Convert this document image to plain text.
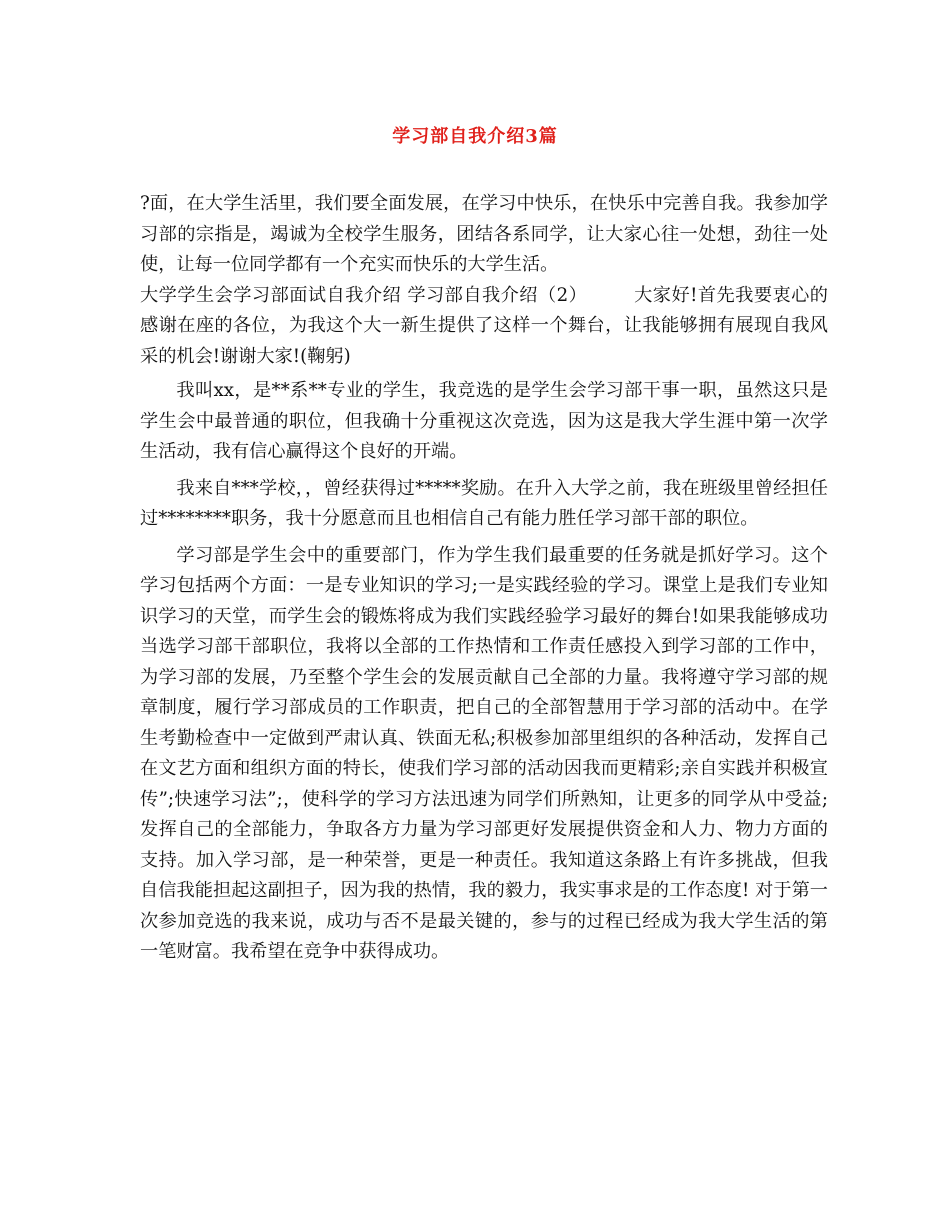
学习部自我介绍3篇

?面，在大学生活里，我们要全面发展，在学习中快乐，在快乐中完善自我。我参加学习部的宗指是，竭诚为全校学生服务，团结各系同学，让大家心往一处想，劲往一处使，让每一位同学都有一个充实而快乐的大学生活。

大学学生会学习部面试自我介绍 学习部自我介绍（2）　　　大家好!首先我要衷心的感谢在座的各位，为我这个大一新生提供了这样一个舞台，让我能够拥有展现自我风采的机会!谢谢大家!(鞠躬)

我叫xx，是**系**专业的学生，我竞选的是学生会学习部干事一职，虽然这只是学生会中最普通的职位，但我确十分重视这次竞选，因为这是我大学生涯中第一次学生活动，我有信心赢得这个良好的开端。

我来自***学校，，曾经获得过*****奖励。在升入大学之前，我在班级里曾经担任过********职务，我十分愿意而且也相信自己有能力胜任学习部干部的职位。

学习部是学生会中的重要部门，作为学生我们最重要的任务就是抓好学习。这个学习包括两个方面：一是专业知识的学习;一是实践经验的学习。课堂上是我们专业知识学习的天堂，而学生会的锻炼将成为我们实践经验学习最好的舞台!如果我能够成功当选学习部干部职位，我将以全部的工作热情和工作责任感投入到学习部的工作中，为学习部的发展，乃至整个学生会的发展贡献自己全部的力量。我将遵守学习部的规章制度，履行学习部成员的工作职责，把自己的全部智慧用于学习部的活动中。在学生考勤检查中一定做到严肃认真、铁面无私;积极参加部里组织的各种活动，发挥自己在文艺方面和组织方面的特长，使我们学习部的活动因我而更精彩;亲自实践并积极宣传”;快速学习法”;，使科学的学习方法迅速为同学们所熟知，让更多的同学从中受益;发挥自己的全部能力，争取各方力量为学习部更好发展提供资金和人力、物力方面的支持。加入学习部，是一种荣誉，更是一种责任。我知道这条路上有许多挑战，但我自信我能担起这副担子，因为我的热情，我的毅力，我实事求是的工作态度! 对于第一次参加竞选的我来说，成功与否不是最关键的，参与的过程已经成为我大学生活的第一笔财富。我希望在竞争中获得成功。
